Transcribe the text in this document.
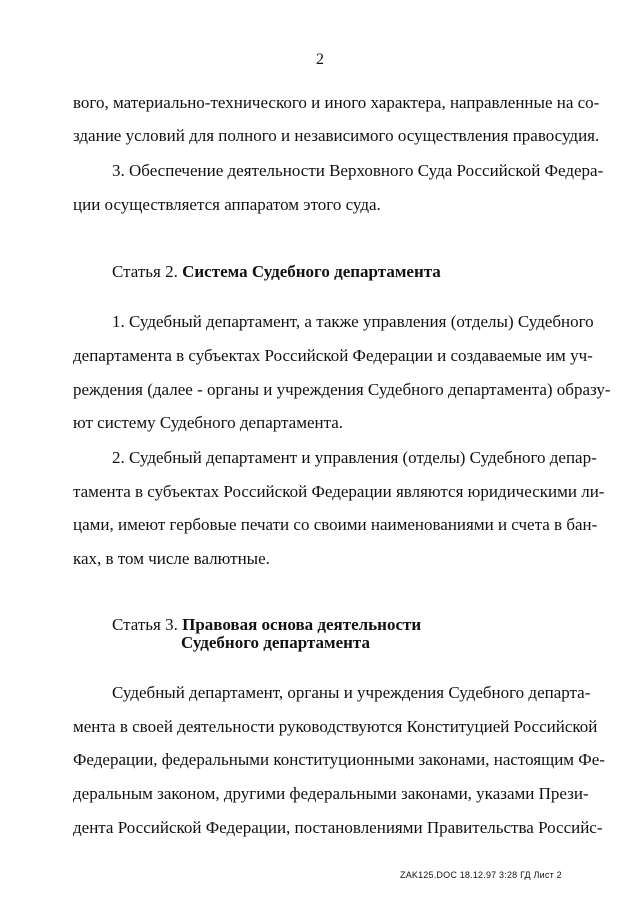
2
вого, материально-технического и иного характера, направленные на со-
здание условий для полного и независимого осуществления правосудия.
3. Обеспечение деятельности Верховного Суда Российской Федера-
ции осуществляется аппаратом этого суда.
Статья 2. Система Судебного департамента
1. Судебный департамент, а также управления (отделы) Судебного
департамента в субъектах Российской Федерации и создаваемые им уч-
реждения (далее - органы и учреждения Судебного департамента) образу-
ют систему Судебного департамента.
2. Судебный департамент и управления (отделы) Судебного депар-
тамента в субъектах Российской Федерации являются юридическими ли-
цами, имеют гербовые печати со своими наименованиями и счета в бан-
ках, в том числе валютные.
Статья 3. Правовая основа деятельности
Судебного департамента
Судебный департамент, органы и учреждения Судебного департа-
мента в своей деятельности руководствуются Конституцией Российской
Федерации, федеральными конституционными законами, настоящим Фе-
деральным законом, другими федеральными законами, указами Прези-
дента Российской Федерации, постановлениями Правительства Российс-
ZAK125.DOC 18.12.97 3:28 ГД Лист 2
